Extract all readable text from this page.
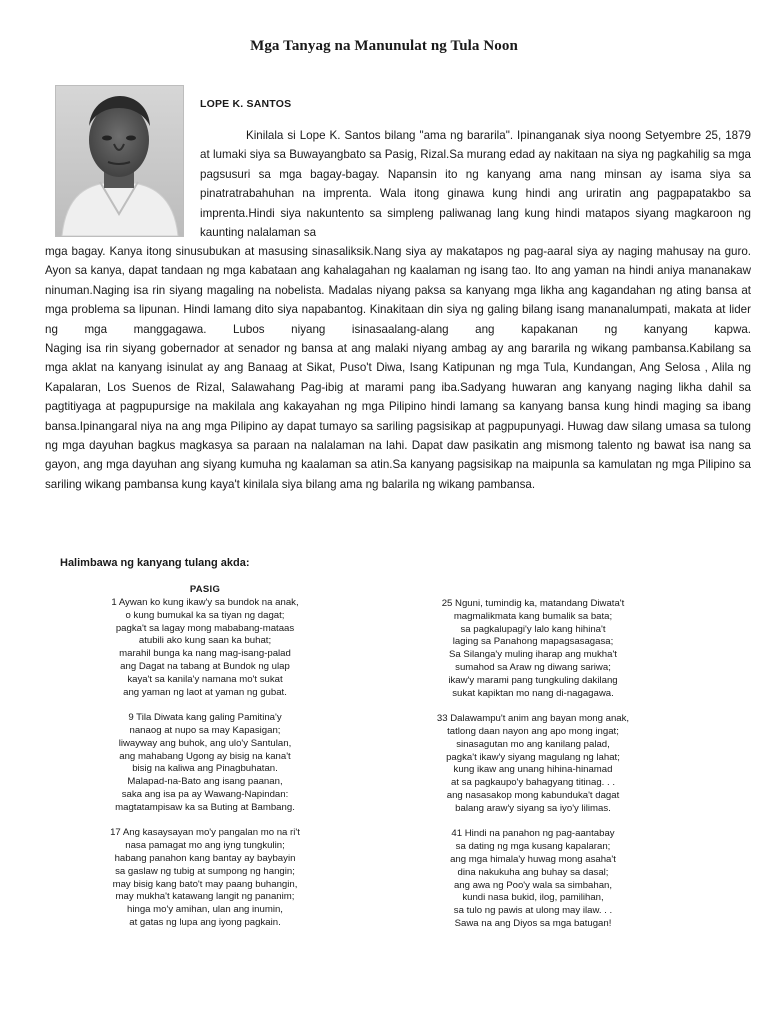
Mga Tanyag na Manunulat ng Tula Noon
LOPE K. SANTOS
Kinilala si Lope K. Santos bilang "ama ng bararila". Ipinanganak siya noong Setyembre 25, 1879 at lumaki siya sa Buwayangbato sa Pasig, Rizal.Sa murang edad ay nakitaan na siya ng pagkahilig sa mga pagsusuri sa mga bagay-bagay. Napansin ito ng kanyang ama nang minsan ay isama siya sa pinatratrabahuhan na imprenta. Wala itong ginawa kung hindi ang uriratin ang pagpapatakbo sa imprenta.Hindi siya nakuntento sa simpleng paliwanag lang kung hindi matapos siyang magkaroon ng kaunting nalalaman sa

mga bagay. Kanya itong sinusubukan at masusing sinasaliksik.Nang siya ay makatapos ng pag-aaral siya ay naging mahusay na guro. Ayon sa kanya, dapat tandaan ng mga kabataan ang kahalagahan ng kaalaman ng isang tao. Ito ang yaman na hindi aniya mananakaw ninuman.Naging isa rin siyang magaling na nobelista. Madalas niyang paksa sa kanyang mga likha ang kagandahan ng ating bansa at mga problema sa lipunan. Hindi lamang dito siya napabantog. Kinakitaan din siya ng galing bilang isang mananalumpati, makata at lider ng mga manggagawa. Lubos niyang isinasaalang-alang ang kapakanan ng kanyang kapwa.

Naging isa rin siyang gobernador at senador ng bansa at ang malaki niyang ambag ay ang bararila ng wikang pambansa.Kabilang sa mga aklat na kanyang isinulat ay ang Banaag at Sikat, Puso't Diwa, Isang Katipunan ng mga Tula, Kundangan, Ang Selosa , Alila ng Kapalaran, Los Suenos de Rizal, Salawahang Pag-ibig at marami pang iba.Sadyang huwaran ang kanyang naging likha dahil sa pagtitiyaga at pagpupursige na makilala ang kakayahan ng mga Pilipino hindi lamang sa kanyang bansa kung hindi maging sa ibang bansa.Ipinangaral niya na ang mga Pilipino ay dapat tumayo sa sariling pagsisikap at pagpupunyagi. Huwag daw silang umasa sa tulong ng mga dayuhan bagkus magkasya sa paraan na nalalaman na lahi. Dapat daw pasikatin ang mismong talento ng bawat isa nang sa gayon, ang mga dayuhan ang siyang kumuha ng kaalaman sa atin.Sa kanyang pagsisikap na maipunla sa kamulatan ng mga Pilipino sa sariling wikang pambansa kung kaya't kinilala siya bilang ama ng balarila ng wikang pambansa.

Halimbawa ng kanyang tulang akda:
PASIG
1 Aywan ko kung ikaw'y sa bundok na anak,
o kung bumukal ka sa tiyan ng dagat;
pagka't sa lagay mong mababang-mataas
atubili ako kung saan ka buhat;
marahil bunga ka nang mag-isang-palad
ang Dagat na tabang at Bundok ng ulap
kaya't sa kanila'y namana mo't sukat
ang yaman ng laot at yaman ng gubat.
9 Tila Diwata kang galing Pamitina'y
nanaog at nupo sa may Kapasigan;
liwayway ang buhok, ang ulo'y Santulan,
ang mahabang Ugong ay bisig na kana't
bisig na kaliwa ang Pinagbuhatan.
Malapad-na-Bato ang isang paanan,
saka ang isa pa ay Wawang-Napindan:
magtatampisaw ka sa Buting at Bambang.
17 Ang kasaysayan mo'y pangalan mo na ri't
nasa pamagat mo ang iyng tungkulin;
habang panahon kang bantay ay baybayin
sa gaslaw ng tubig at sumpong ng hangin;
may bisig kang bato't may paang buhangin,
may mukha't katawang langit ng pananim;
hinga mo'y amihan, ulan ang inumin,
at gatas ng lupa ang iyong pagkain.
25 Nguni, tumindig ka, matandang Diwata't
magmalikmata kang bumalik sa bata;
sa pagkalupagi'y lalo kang hihina't
laging sa Panahong mapagsasagasa;
Sa Silanga'y muling iharap ang mukha't
sumahod sa Araw ng diwang sariwa;
ikaw'y marami pang tungkuling dakilang
sukat kapiktan mo nang di-nagagawa.
33 Dalawampu't anim ang bayan mong anak,
tatlong daan nayon ang apo mong ingat;
sinasagutan mo ang kanilang palad,
pagka't ikaw'y siyang magulang ng lahat;
kung ikaw ang unang hihina-hinamad
at sa pagkaupo'y bahagyang titinag. . .
ang nasasakop mong kabunduka't dagat
balang araw'y siyang sa iyo'y lilimas.
41 Hindi na panahon ng pag-aantabay
sa dating ng mga kusang kapalaran;
ang mga himala'y huwag mong asaha't
dina nakukuha ang buhay sa dasal;
ang awa ng Poo'y wala sa simbahan,
kundi nasa bukid, ilog, pamilihan,
sa tulo ng pawis at ulong may ilaw. . .
Sawa na ang Diyos sa mga batugan!
